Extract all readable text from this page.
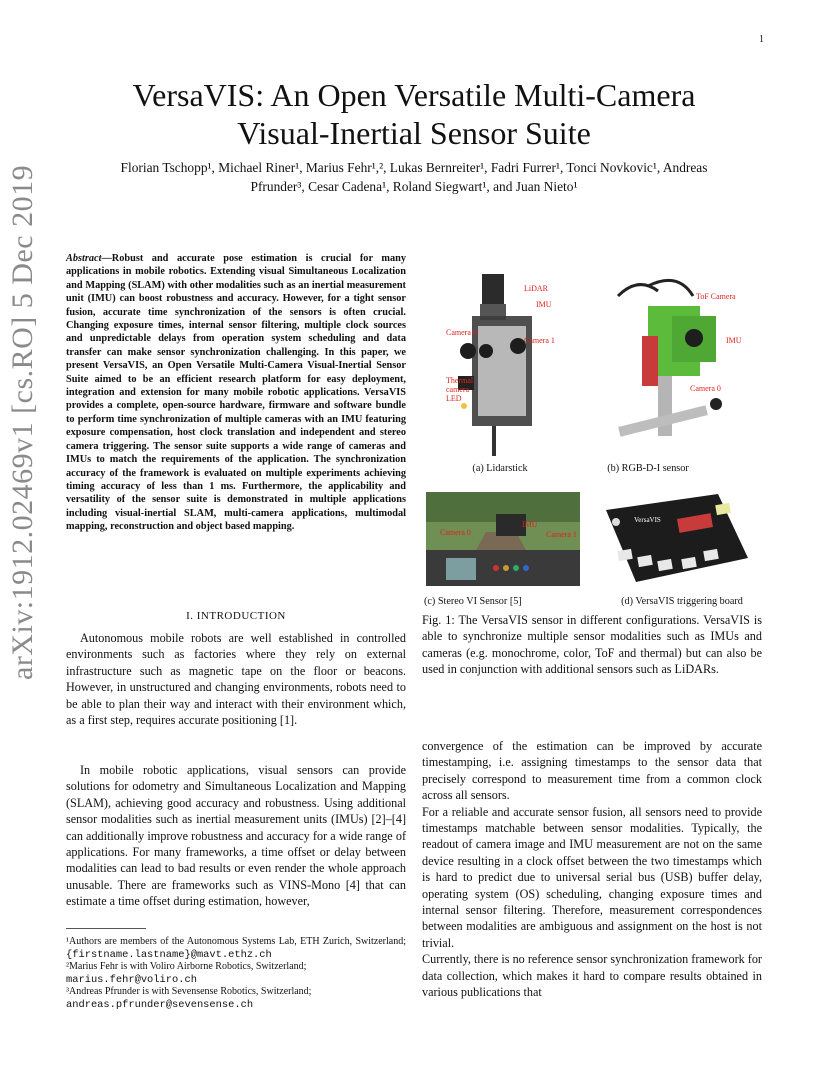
1
arXiv:1912.02469v1 [cs.RO] 5 Dec 2019
VersaVIS: An Open Versatile Multi-Camera
Visual-Inertial Sensor Suite
Florian Tschopp¹, Michael Riner¹, Marius Fehr¹,², Lukas Bernreiter¹, Fadri Furrer¹, Tonci Novkovic¹, Andreas
Pfrunder³, Cesar Cadena¹, Roland Siegwart¹, and Juan Nieto¹
Abstract—Robust and accurate pose estimation is crucial for many applications in mobile robotics. Extending visual Simultaneous Localization and Mapping (SLAM) with other modalities such as an inertial measurement unit (IMU) can boost robustness and accuracy. However, for a tight sensor fusion, accurate time synchronization of the sensors is often crucial. Changing exposure times, internal sensor filtering, multiple clock sources and unpredictable delays from operation system scheduling and data transfer can make sensor synchronization challenging. In this paper, we present VersaVIS, an Open Versatile Multi-Camera Visual-Inertial Sensor Suite aimed to be an efficient research platform for easy deployment, integration and extension for many mobile robotic applications. VersaVIS provides a complete, open-source hardware, firmware and software bundle to perform time synchronization of multiple cameras with an IMU featuring exposure compensation, host clock translation and independent and stereo camera triggering. The sensor suite supports a wide range of cameras and IMUs to match the requirements of the application. The synchronization accuracy of the framework is evaluated on multiple experiments achieving timing accuracy of less than 1 ms. Furthermore, the applicability and versatility of the sensor suite is demonstrated in multiple applications including visual-inertial SLAM, multi-camera applications, multimodal mapping, reconstruction and object based mapping.
I. INTRODUCTION
Autonomous mobile robots are well established in controlled environments such as factories where they rely on external infrastructure such as magnetic tape on the floor or beacons. However, in unstructured and changing environments, robots need to be able to plan their way and interact with their environment which, as a first step, requires accurate positioning [1].
In mobile robotic applications, visual sensors can provide solutions for odometry and Simultaneous Localization and Mapping (SLAM), achieving good accuracy and robustness. Using additional sensor modalities such as inertial measurement units (IMUs) [2]–[4] can additionally improve robustness and accuracy for a wide range of applications. For many frameworks, a time offset or delay between modalities can lead to bad results or even render the whole approach unusable. There are frameworks such as VINS-Mono [4] that can estimate a time offset during estimation, however,
¹Authors are members of the Autonomous Systems Lab, ETH Zurich, Switzerland; {firstname.lastname}@mavt.ethz.ch
²Marius Fehr is with Voliro Airborne Robotics, Switzerland;
marius.fehr@voliro.ch
³Andreas Pfrunder is with Sevensense Robotics, Switzerland;
andreas.pfrunder@sevensense.ch
LiDAR
IMU
Camera 0
Camera 1
Thermal camera
LED
(a) Lidarstick
ToF Camera
IMU
Camera 0
(b) RGB-D-I sensor
Camera 0
IMU
Camera 1
(c) Stereo VI Sensor [5]
VersaVIS
(d) VersaVIS triggering board
Fig. 1: The VersaVIS sensor in different configurations. VersaVIS is able to synchronize multiple sensor modalities such as IMUs and cameras (e.g. monochrome, color, ToF and thermal) but can also be used in conjunction with additional sensors such as LiDARs.
convergence of the estimation can be improved by accurate timestamping, i.e. assigning timestamps to the sensor data that precisely correspond to measurement time from a common clock across all sensors.
For a reliable and accurate sensor fusion, all sensors need to provide timestamps matchable between sensor modalities. Typically, the readout of camera image and IMU measurement are not on the same device resulting in a clock offset between the two timestamps which is hard to predict due to universal serial bus (USB) buffer delay, operating system (OS) scheduling, changing exposure times and internal sensor filtering. Therefore, measurement correspondences between modalities are ambiguous and assignment on the host is not trivial.
Currently, there is no reference sensor synchronization framework for data collection, which makes it hard to compare results obtained in various publications that
